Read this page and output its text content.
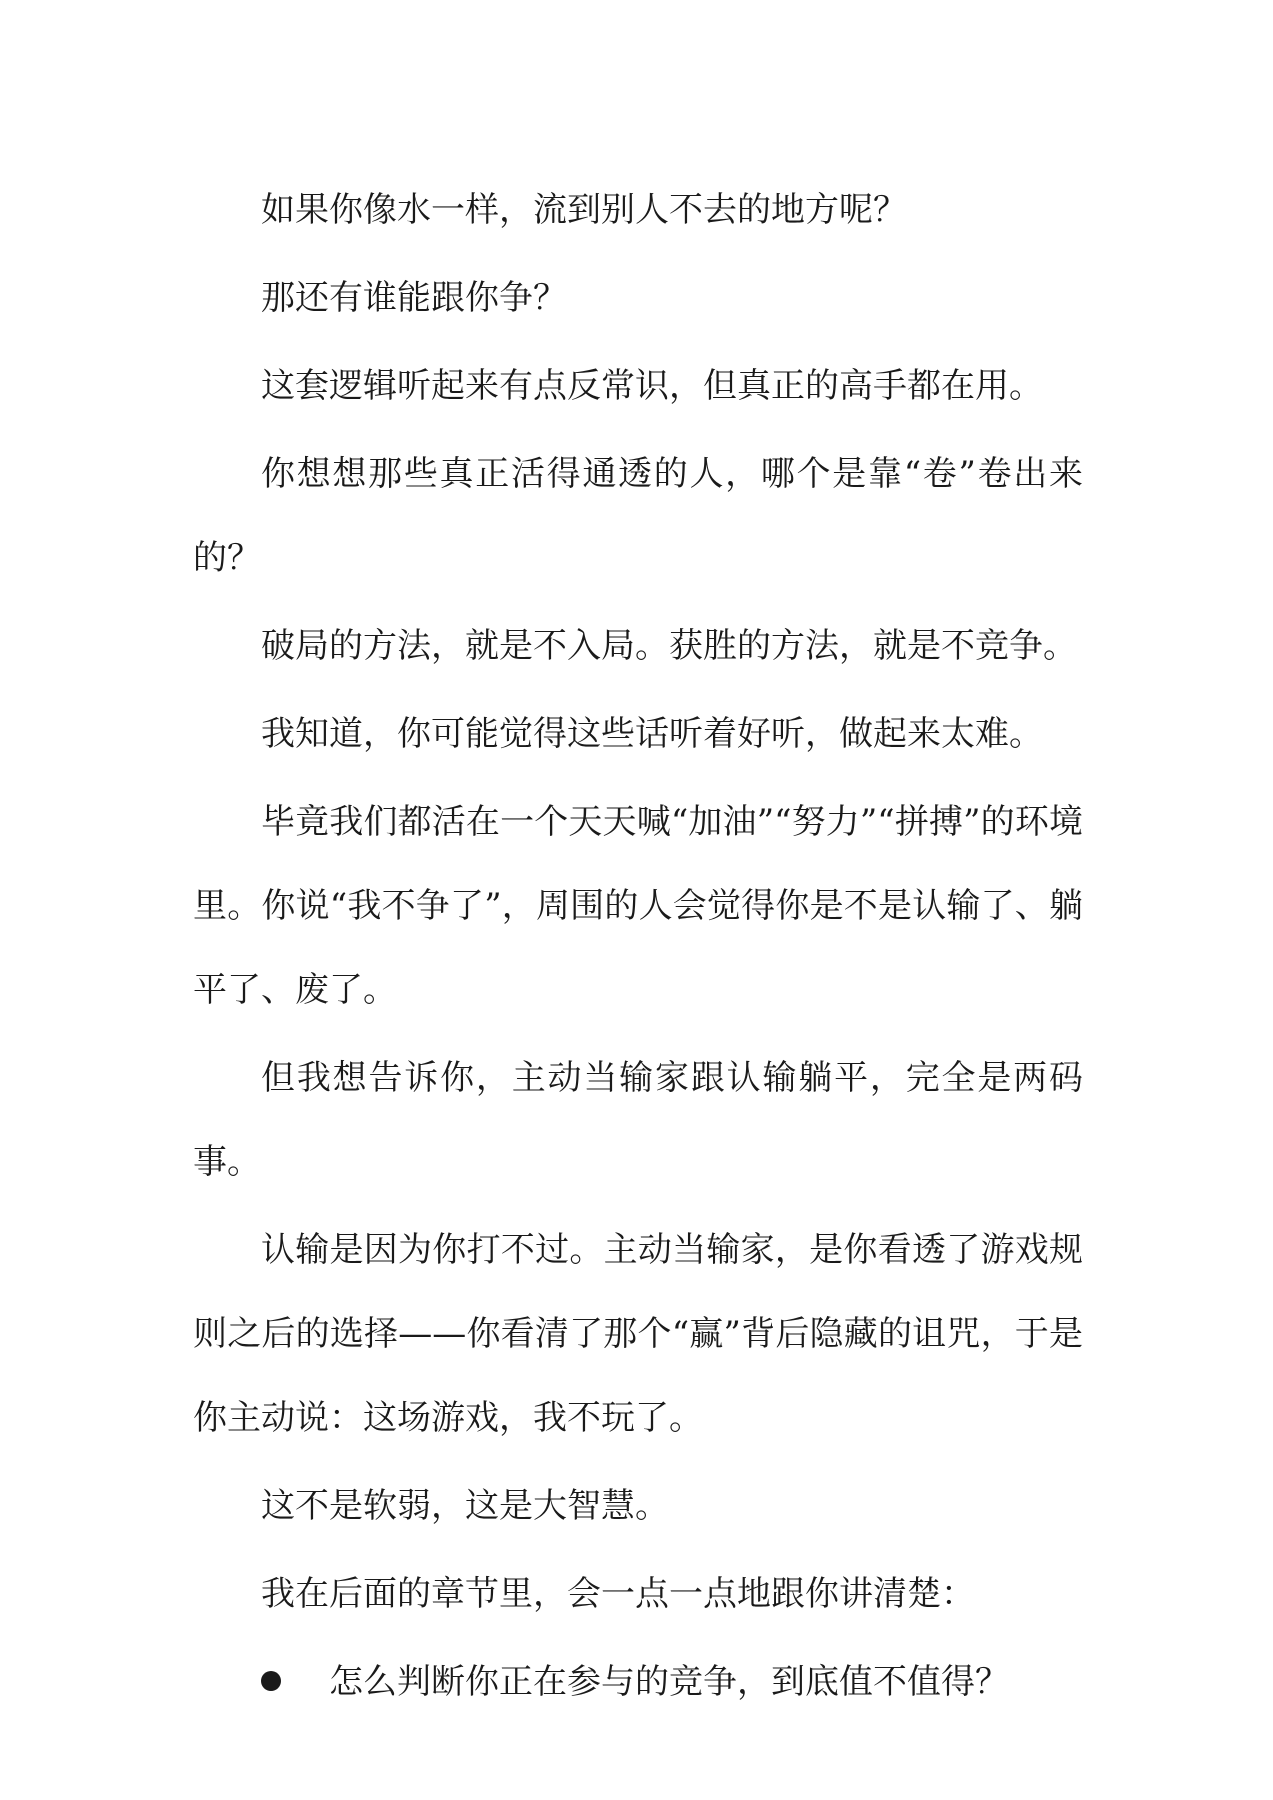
如果你像水一样，流到别人不去的地方呢？

那还有谁能跟你争？

这套逻辑听起来有点反常识，但真正的高手都在用。

你想想那些真正活得通透的人，哪个是靠“卷”卷出来的？

破局的方法，就是不入局。获胜的方法，就是不竞争。

我知道，你可能觉得这些话听着好听，做起来太难。

毕竟我们都活在一个天天喊“加油”“努力”“拼搏”的环境里。你说“我不争了”，周围的人会觉得你是不是认输了、躺平了、废了。

但我想告诉你，主动当输家跟认输躺平，完全是两码事。

认输是因为你打不过。主动当输家，是你看透了游戏规则之后的选择——你看清了那个“赢”背后隐藏的诅咒，于是你主动说：这场游戏，我不玩了。

这不是软弱，这是大智慧。

我在后面的章节里，会一点一点地跟你讲清楚：

怎么判断你正在参与的竞争，到底值不值得？
